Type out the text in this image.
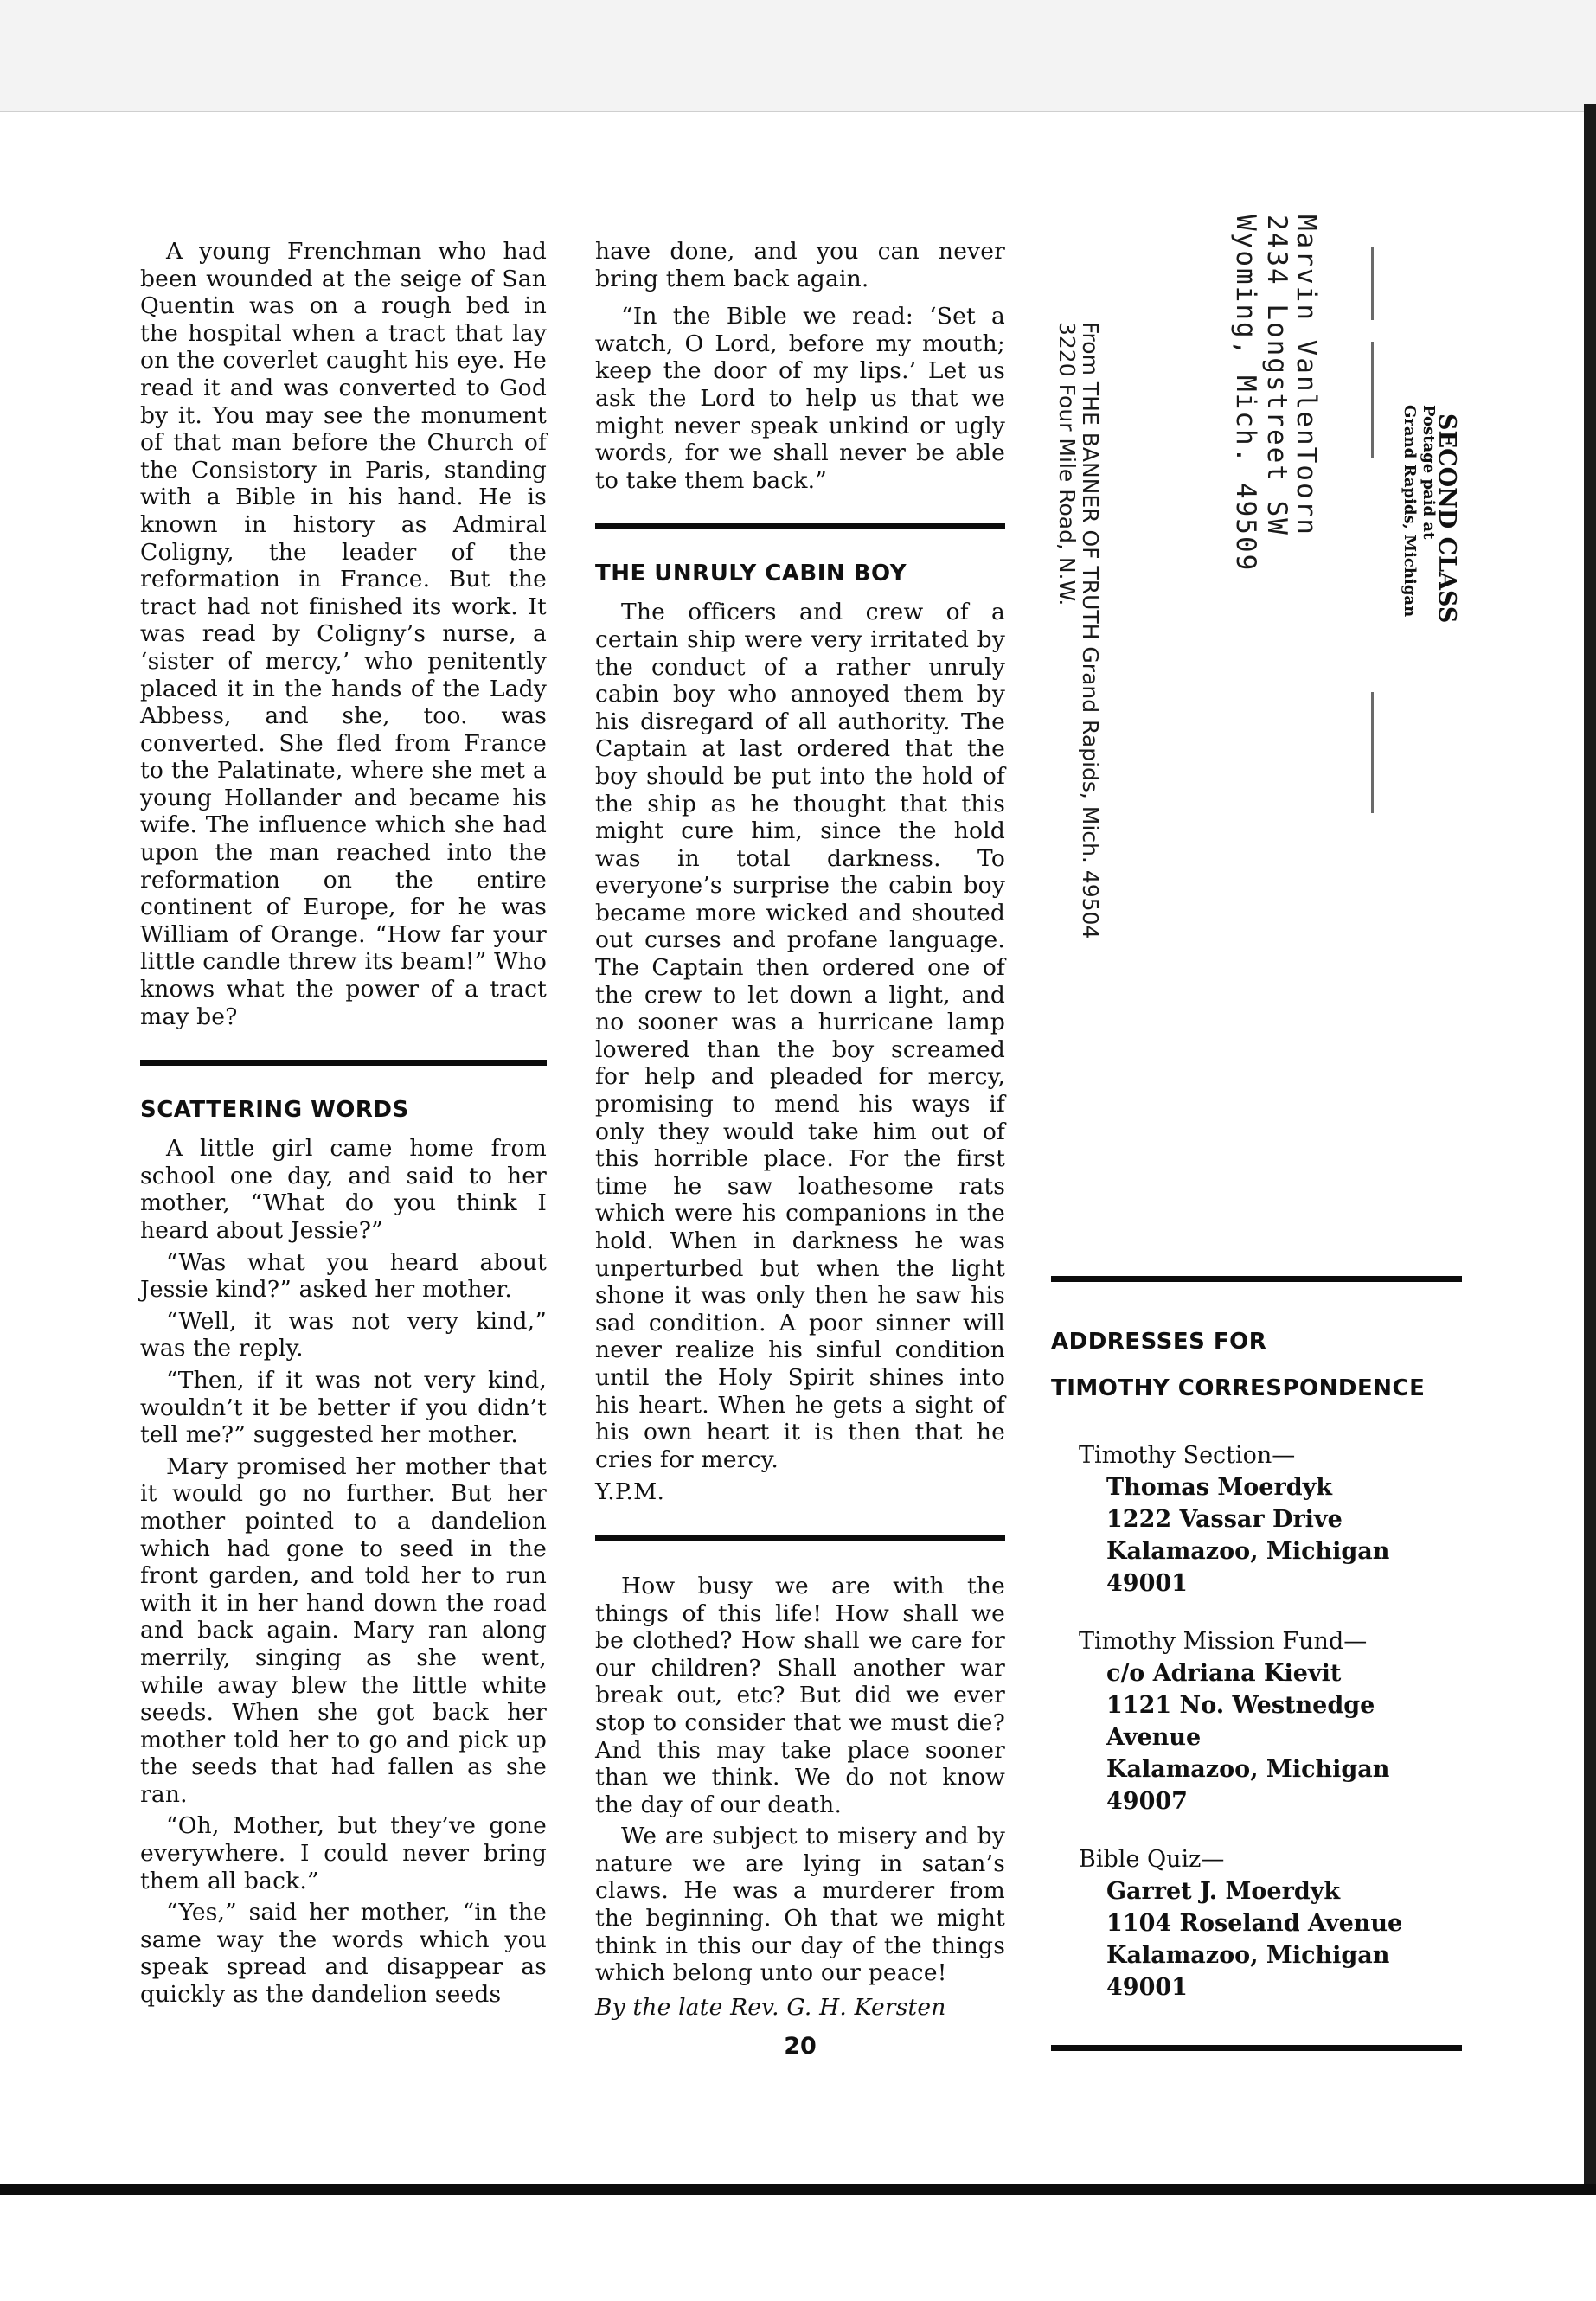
A young Frenchman who had been wounded at the seige of San Quentin was on a rough bed in the hospital when a tract that lay on the coverlet caught his eye. He read it and was converted to God by it. You may see the monument of that man before the Church of the Consistory in Paris, standing with a Bible in his hand. He is known in history as Admiral Coligny, the leader of the reformation in France. But the tract had not finished its work. It was read by Coligny’s nurse, a ‘sister of mercy,’ who penitently placed it in the hands of the Lady Abbess, and she, too. was converted. She fled from France to the Palatinate, where she met a young Hollander and became his wife. The influence which she had upon the man reached into the reformation on the entire continent of Europe, for he was William of Orange. “How far your little candle threw its beam!” Who knows what the power of a tract may be?

SCATTERING WORDS

A little girl came home from school one day, and said to her mother, “What do you think I heard about Jessie?”

“Was what you heard about Jessie kind?” asked her mother.

“Well, it was not very kind,” was the reply.

“Then, if it was not very kind, wouldn’t it be better if you didn’t tell me?” suggested her mother.

Mary promised her mother that it would go no further. But her mother pointed to a dandelion which had gone to seed in the front garden, and told her to run with it in her hand down the road and back again. Mary ran along merrily, singing as she went, while away blew the little white seeds. When she got back her mother told her to go and pick up the seeds that had fallen as she ran.

“Oh, Mother, but they’ve gone everywhere. I could never bring them all back.”

“Yes,” said her mother, “in the same way the words which you speak spread and disappear as quickly as the dandelion seeds

have done, and you can never bring them back again.

“In the Bible we read: ‘Set a watch, O Lord, before my mouth; keep the door of my lips.’ Let us ask the Lord to help us that we might never speak unkind or ugly words, for we shall never be able to take them back.”

THE UNRULY CABIN BOY

The officers and crew of a certain ship were very irritated by the conduct of a rather unruly cabin boy who annoyed them by his disregard of all authority. The Captain at last ordered that the boy should be put into the hold of the ship as he thought that this might cure him, since the hold was in total darkness. To everyone’s surprise the cabin boy became more wicked and shouted out curses and profane language. The Captain then ordered one of the crew to let down a light, and no sooner was a hurricane lamp lowered than the boy screamed for help and pleaded for mercy, promising to mend his ways if only they would take him out of this horrible place. For the first time he saw loathesome rats which were his companions in the hold. When in darkness he was unperturbed but when the light shone it was only then he saw his sad condition. A poor sinner will never realize his sinful condition until the Holy Spirit shines into his heart. When he gets a sight of his own heart it is then that he cries for mercy.

Y.P.M.

How busy we are with the things of this life! How shall we be clothed? How shall we care for our children? Shall another war break out, etc? But did we ever stop to consider that we must die? And this may take place sooner than we think. We do not know the day of our death.

We are subject to misery and by nature we are lying in satan’s claws. He was a murderer from the beginning. Oh that we might think in this our day of the things which belong unto our peace!

By the late Rev. G. H. Kersten

20
SECOND CLASS
Postage paid at
Grand Rapids, Michigan
Marvin VanlenToorn
2434 Longstreet SW
Wyoming, Mich. 49509
From THE BANNER OF TRUTH Grand Rapids, Mich. 49504
3220 Four Mile Road, N.W.

ADDRESSES FOR

TIMOTHY CORRESPONDENCE

Timothy Section—
Thomas Moerdyk
1222 Vassar Drive
Kalamazoo, Michigan 49001
Timothy Mission Fund—
c/o Adriana Kievit
1121 No. Westnedge Avenue
Kalamazoo, Michigan 49007
Bible Quiz—
Garret J. Moerdyk
1104 Roseland Avenue
Kalamazoo, Michigan 49001
